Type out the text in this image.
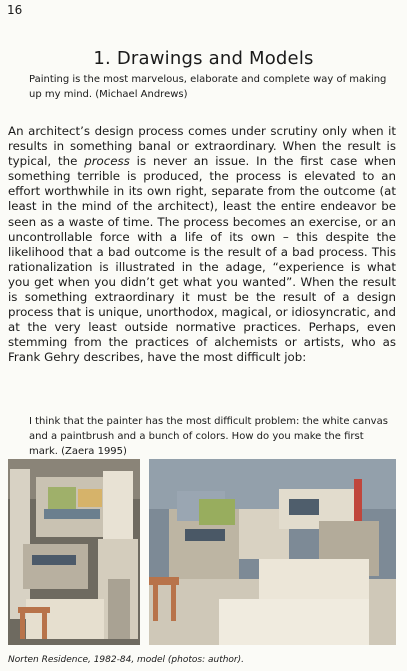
16
1. Drawings and Models
Painting is the most marvelous, elaborate and complete way of making up my mind. (Michael Andrews)

An architect’s design process comes under scrutiny only when it results in something banal or extraordinary. When the result is typical, the process is never an issue. In the first case when something terrible is produced, the process is elevated to an effort worthwhile in its own right, separate from the outcome (at least in the mind of the architect), least the entire endeavor be seen as a waste of time. The process becomes an exercise, or an uncontrollable force with a life of its own – this despite the likelihood that a bad outcome is the result of a bad process. This rationalization is illustrated in the adage, “experience is what you get when you didn’t get what you wanted”. When the result is something extraordinary it must be the result of a design process that is unique, unorthodox, magical, or idiosyncratic, and at the very least outside normative practices. Perhaps, even stemming from the practices of alchemists or artists, who as Frank Gehry describes, have the most difficult job:

I think that the painter has the most difficult problem: the white canvas and a paintbrush and a bunch of colors. How do you make the first mark. (Zaera 1995)
Norten Residence, 1982-84, model (photos: author).
